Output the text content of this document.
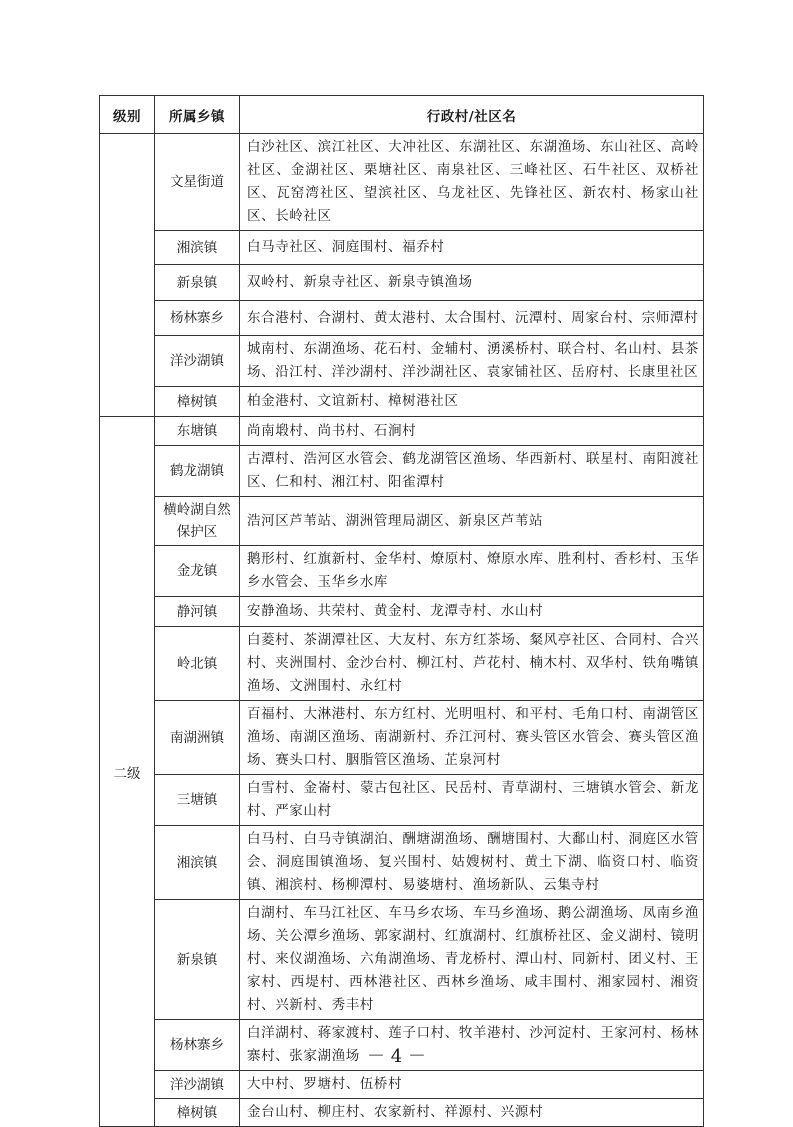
级别	所属乡镇	行政村/社区名
	文星街道	白沙社区、滨江社区、大冲社区、东湖社区、东湖渔场、东山社区、高岭社区、金湖社区、栗塘社区、南泉社区、三峰社区、石牛社区、双桥社区、瓦窑湾社区、望滨社区、乌龙社区、先锋社区、新农村、杨家山社区、长岭社区
	湘滨镇	白马寺社区、洞庭围村、福乔村
	新泉镇	双岭村、新泉寺社区、新泉寺镇渔场
	杨林寨乡	东合港村、合湖村、黄太港村、太合围村、沅潭村、周家台村、宗师潭村
	洋沙湖镇	城南村、东湖渔场、花石村、金辅村、湧溪桥村、联合村、名山村、县茶场、沿江村、洋沙湖村、洋沙湖社区、袁家铺社区、岳府村、长康里社区
	樟树镇	柏金港村、文谊新村、樟树港社区
二级	东塘镇	尚南塅村、尚书村、石涧村
	鹤龙湖镇	古潭村、浩河区水管会、鹤龙湖管区渔场、华西新村、联星村、南阳渡社区、仁和村、湘江村、阳雀潭村
	横岭湖自然保护区	浩河区芦苇站、湖洲管理局湖区、新泉区芦苇站
	金龙镇	鹅形村、红旗新村、金华村、燎原村、燎原水库、胜利村、香杉村、玉华乡水管会、玉华乡水库
	静河镇	安静渔场、共荣村、黄金村、龙潭寺村、水山村
	岭北镇	白菱村、茶湖潭社区、大友村、东方红茶场、粲风亭社区、合同村、合兴村、夹洲围村、金沙台村、柳江村、芦花村、楠木村、双华村、铁角嘴镇渔场、文洲围村、永红村
	南湖洲镇	百福村、大淋港村、东方红村、光明咀村、和平村、毛角口村、南湖管区渔场、南湖区渔场、南湖新村、乔江河村、赛头管区水管会、赛头管区渔场、赛头口村、胭脂管区渔场、芷泉河村
	三塘镇	白雪村、金崙村、蒙古包社区、民岳村、青草湖村、三塘镇水管会、新龙村、严家山村
	湘滨镇	白马村、白马寺镇湖泊、酬塘湖渔场、酬塘围村、大鄱山村、洞庭区水管会、洞庭围镇渔场、复兴围村、姑嫂树村、黄土下湖、临资口村、临资镇、湘滨村、杨柳潭村、易婆塘村、渔场新队、云集寺村
	新泉镇	白湖村、车马江社区、车马乡农场、车马乡渔场、鹅公湖渔场、凤南乡渔场、关公潭乡渔场、郭家湖村、红旗湖村、红旗桥社区、金义湖村、镜明村、来仪湖渔场、六角湖渔场、青龙桥村、潭山村、同新村、团义村、王家村、西堤村、西林港社区、西林乡渔场、咸丰围村、湘家园村、湘资村、兴新村、秀丰村
	杨林寨乡	白洋湖村、蒋家渡村、莲子口村、牧羊港村、沙河淀村、王家河村、杨林寨村、张家湖渔场
	洋沙湖镇	大中村、罗塘村、伍桥村
	樟树镇	金台山村、柳庄村、农家新村、祥源村、兴源村
－ 4 －
